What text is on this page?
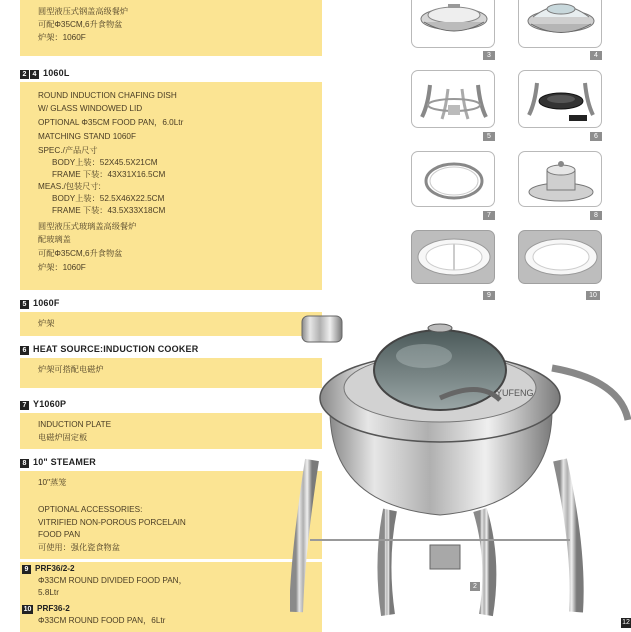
圆型液压式钢盖高级餐炉
可配Φ35CM,6升食物盆
炉架：1060F
2 4 1060L
ROUND INDUCTION CHAFING DISH
W/ GLASS WINDOWED LID
OPTIONAL Φ35CM FOOD PAN，6.0Ltr
MATCHING STAND 1060F
SPEC./产品尺寸
BODY上装：52X45.5X21CM
FRAME 下装：43X31X16.5CM
MEAS./包装尺寸:
BODY上装：52.5X46X22.5CM
FRAME 下装：43.5X33X18CM
圆型液压式玻璃盖高级餐炉
配玻璃盖
可配Φ35CM,6升食物盆
炉架：1060F
5 1060F
炉架
6 HEAT SOURCE:INDUCTION COOKER
炉架可搭配电磁炉
7 Y1060P
INDUCTION PLATE
电磁炉固定板
8 10" STEAMER
10"蒸笼
OPTIONAL ACCESSORIES:
VITRIFIED NON-POROUS PORCELAIN
FOOD PAN
可使用：强化瓷食物盆
9 PRF36/2-2
Φ33CM ROUND DIVIDED FOOD PAN，
5.8Ltr
10 PRF36-2
Φ33CM ROUND FOOD PAN，6Ltr
3	4
5	6
7	8
9	10
YUFENG
2
12
